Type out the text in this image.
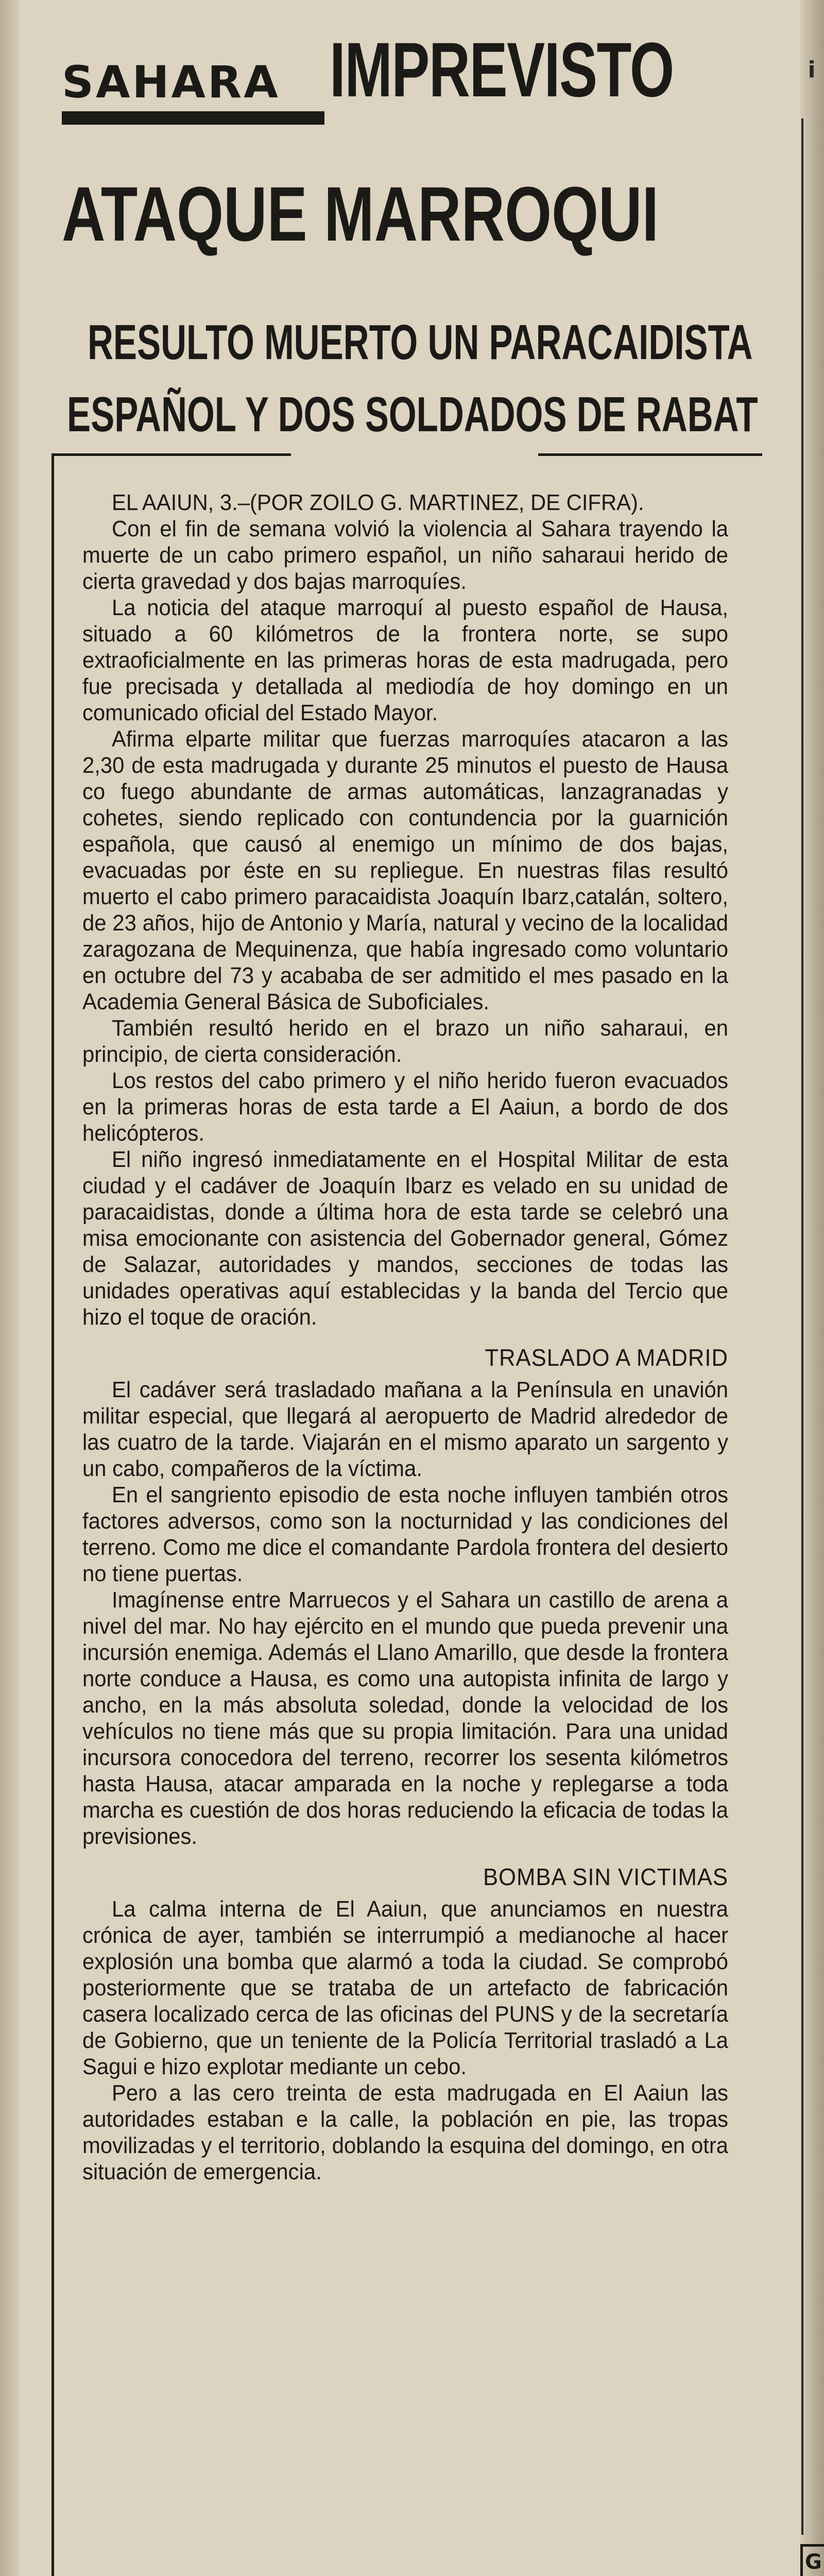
i
G
SAHARA IMPREVISTO
ATAQUE MARROQUI
RESULTO MUERTO UN PARACAIDISTA
ESPAÑOL Y DOS SOLDADOS DE RABAT

EL AAIUN, 3.–(POR ZOILO G. MARTINEZ, DE CIFRA).

Con el fin de semana volvió la violencia al Sahara trayendo la muerte de un cabo primero español, un niño saharaui herido de cierta gravedad y dos bajas marroquíes.

La noticia del ataque marroquí al puesto español de Hausa, situado a 60 kilómetros de la frontera norte, se supo extraoficialmente en las primeras horas de esta madrugada, pero fue precisada y detallada al mediodía de hoy domingo en un comunicado oficial del Estado Mayor.

Afirma elparte militar que fuerzas marroquíes atacaron a las 2,30 de esta madrugada y durante 25 minutos el puesto de Hausa co fuego abundante de armas automáticas, lanzagranadas y cohetes, siendo replicado con contundencia por la guarnición española, que causó al enemigo un mínimo de dos bajas, evacuadas por éste en su repliegue. En nuestras filas resultó muerto el cabo primero paracaidista Joaquín Ibarz,catalán, soltero, de 23 años, hijo de Antonio y María, natural y vecino de la localidad zaragozana de Mequinenza, que había ingresado como voluntario en octubre del 73 y acababa de ser admitido el mes pasado en la Academia General Básica de Suboficiales.

También resultó herido en el brazo un niño saharaui, en principio, de cierta consideración.

Los restos del cabo primero y el niño herido fueron evacuados en la primeras horas de esta tarde a El Aaiun, a bordo de dos helicópteros.

El niño ingresó inmediatamente en el Hospital Militar de esta ciudad y el cadáver de Joaquín Ibarz es velado en su unidad de paracaidistas, donde a última hora de esta tarde se celebró una misa emocionante con asistencia del Gobernador general, Gómez de Salazar, autoridades y mandos, secciones de todas las unidades operativas aquí establecidas y la banda del Tercio que hizo el toque de oración.

TRASLADO A MADRID

El cadáver será trasladado mañana a la Península en unavión militar especial, que llegará al aeropuerto de Madrid alrededor de las cuatro de la tarde. Viajarán en el mismo aparato un sargento y un cabo, compañeros de la víctima.

En el sangriento episodio de esta noche influyen también otros factores adversos, como son la nocturnidad y las condiciones del terreno. Como me dice el comandante Pardola frontera del desierto no tiene puertas.

Imagínense entre Marruecos y el Sahara un castillo de arena a nivel del mar. No hay ejército en el mundo que pueda prevenir una incursión enemiga. Además el Llano Amarillo, que desde la frontera norte conduce a Hausa, es como una autopista infinita de largo y ancho, en la más absoluta soledad, donde la velocidad de los vehículos no tiene más que su propia limitación. Para una unidad incursora conocedora del terreno, recorrer los sesenta kilómetros hasta Hausa, atacar amparada en la noche y replegarse a toda marcha es cuestión de dos horas reduciendo la eficacia de todas la previsiones.

BOMBA SIN VICTIMAS

La calma interna de El Aaiun, que anunciamos en nuestra crónica de ayer, también se interrumpió a medianoche al hacer explosión una bomba que alarmó a toda la ciudad. Se comprobó posteriormente que se trataba de un artefacto de fabricación casera localizado cerca de las oficinas del PUNS y de la secretaría de Gobierno, que un teniente de la Policía Territorial trasladó a La Sagui e hizo explotar mediante un cebo.

Pero a las cero treinta de esta madrugada en El Aaiun las autoridades estaban e la calle, la población en pie, las tropas movilizadas y el territorio, doblando la esquina del domingo, en otra situación de emergencia.
